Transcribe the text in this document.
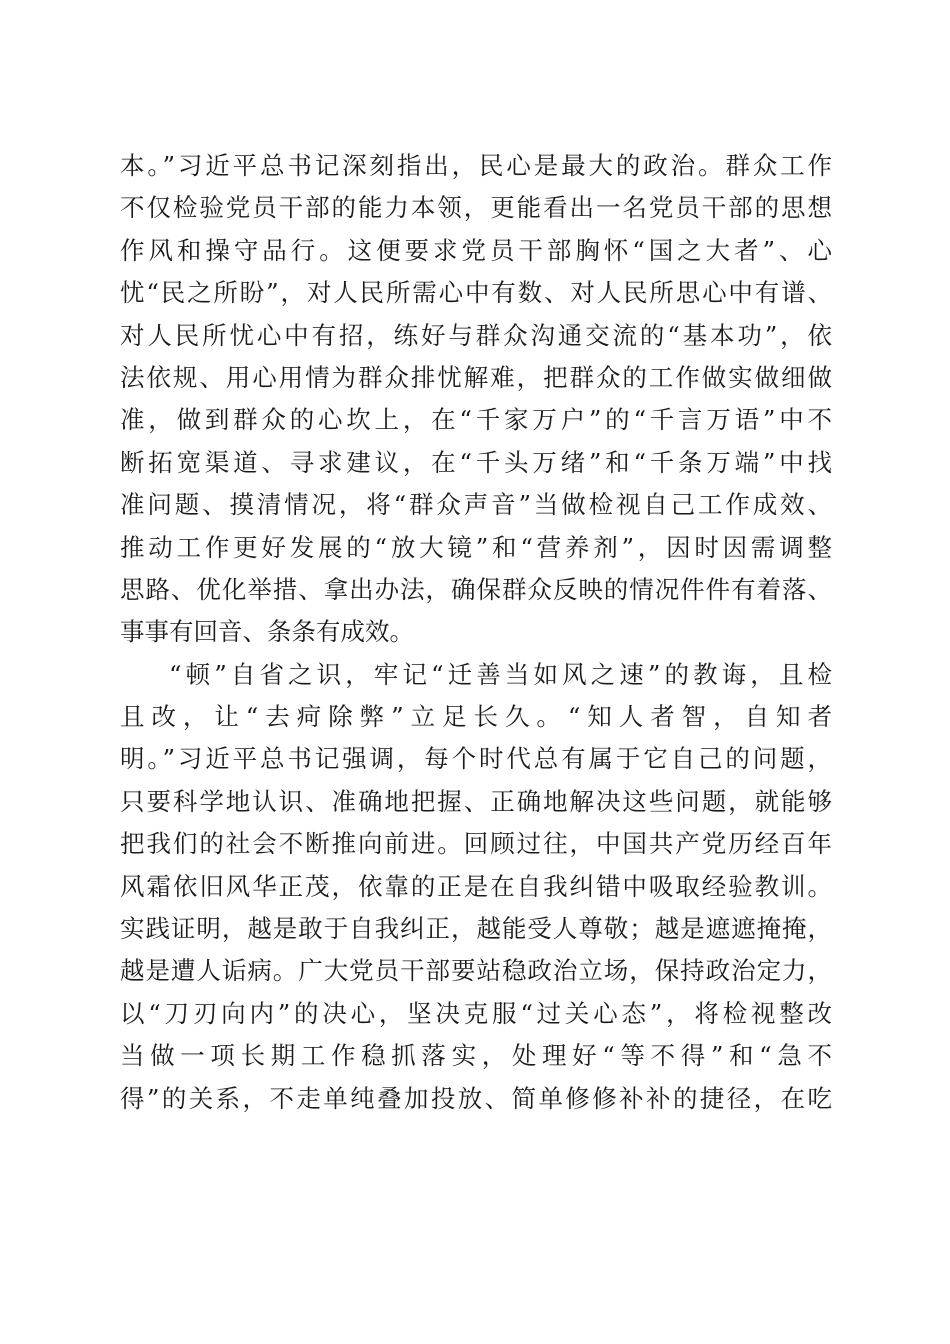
本。”习近平总书记深刻指出，民心是最大的政治。群众工作
不仅检验党员干部的能力本领，更能看出一名党员干部的思想
作风和操守品行。这便要求党员干部胸怀“国之大者”、心
忧“民之所盼”，对人民所需心中有数、对人民所思心中有谱、
对人民所忧心中有招，练好与群众沟通交流的“基本功”，依
法依规、用心用情为群众排忧解难，把群众的工作做实做细做
准，做到群众的心坎上，在“千家万户”的“千言万语”中不
断拓宽渠道、寻求建议，在“千头万绪”和“千条万端”中找
准问题、摸清情况，将“群众声音”当做检视自己工作成效、
推动工作更好发展的“放大镜”和“营养剂”，因时因需调整
思路、优化举措、拿出办法，确保群众反映的情况件件有着落、
事事有回音、条条有成效。
“顿”自省之识，牢记“迁善当如风之速”的教诲，且检
且改，让“去疴除弊”立足长久。“知人者智，自知者
明。”习近平总书记强调，每个时代总有属于它自己的问题，
只要科学地认识、准确地把握、正确地解决这些问题，就能够
把我们的社会不断推向前进。回顾过往，中国共产党历经百年
风霜依旧风华正茂，依靠的正是在自我纠错中吸取经验教训。
实践证明，越是敢于自我纠正，越能受人尊敬；越是遮遮掩掩，
越是遭人诟病。广大党员干部要站稳政治立场，保持政治定力，
以“刀刃向内”的决心，坚决克服“过关心态”，将检视整改
当做一项长期工作稳抓落实，处理好“等不得”和“急不
得”的关系，不走单纯叠加投放、简单修修补补的捷径，在吃
